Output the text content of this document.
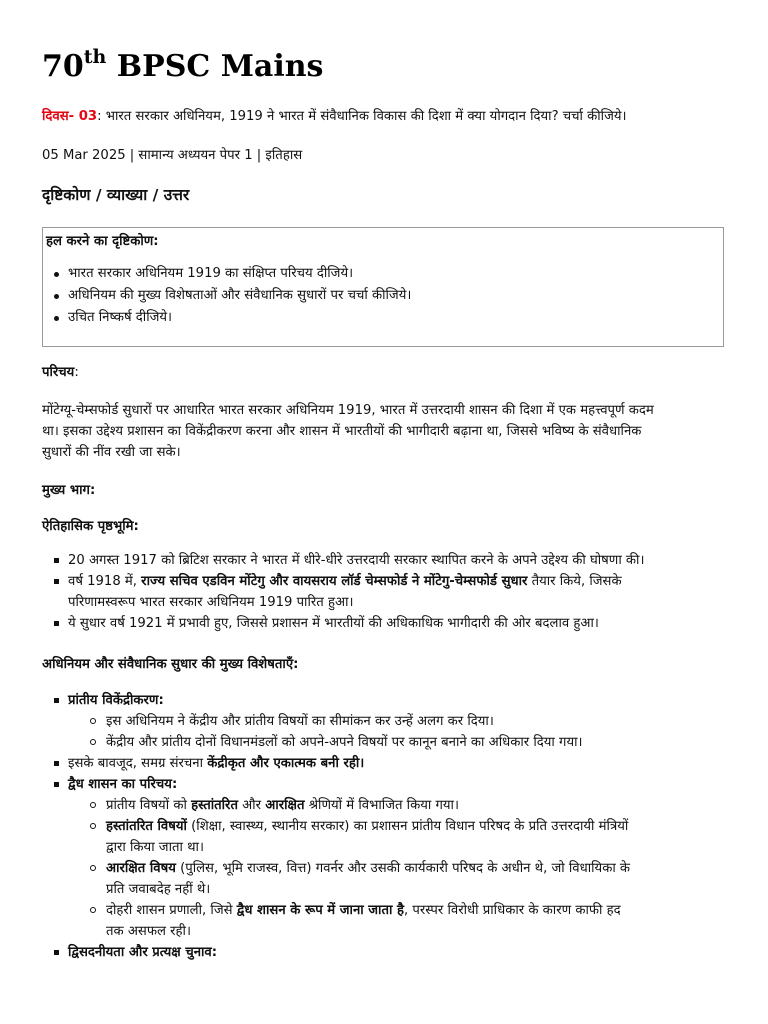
70th BPSC Mains

दिवस- 03: भारत सरकार अधिनियम, 1919 ने भारत में संवैधानिक विकास की दिशा में क्या योगदान दिया? चर्चा कीजिये।

05 Mar 2025 | सामान्य अध्ययन पेपर 1 | इतिहास

दृष्टिकोण / व्याख्या / उत्तर
हल करने का दृष्टिकोण:
भारत सरकार अधिनियम 1919 का संक्षिप्त परिचय दीजिये।
अधिनियम की मुख्य विशेषताओं और संवैधानिक सुधारों पर चर्चा कीजिये।
उचित निष्कर्ष दीजिये।

परिचय:

मोंटेग्यू-चेम्सफोर्ड सुधारों पर आधारित भारत सरकार अधिनियम 1919, भारत में उत्तरदायी शासन की दिशा में एक महत्त्वपूर्ण कदम
था। इसका उद्देश्य प्रशासन का विकेंद्रीकरण करना और शासन में भारतीयों की भागीदारी बढ़ाना था, जिससे भविष्य के संवैधानिक
सुधारों की नींव रखी जा सके।

मुख्य भाग:

ऐतिहासिक पृष्ठभूमि:

20 अगस्त 1917 को ब्रिटिश सरकार ने भारत में धीरे-धीरे उत्तरदायी सरकार स्थापित करने के अपने उद्देश्य की घोषणा की।
वर्ष 1918 में, राज्य सचिव एडविन मोंटेगु और वायसराय लॉर्ड चेम्सफोर्ड ने मोंटेगु-चेम्सफोर्ड सुधार तैयार किये, जिसके
परिणामस्वरूप भारत सरकार अधिनियम 1919 पारित हुआ।
ये सुधार वर्ष 1921 में प्रभावी हुए, जिससे प्रशासन में भारतीयों की अधिकाधिक भागीदारी की ओर बदलाव हुआ।

अधिनियम और संवैधानिक सुधार की मुख्य विशेषताएँ:

प्रांतीय विकेंद्रीकरण:
इस अधिनियम ने केंद्रीय और प्रांतीय विषयों का सीमांकन कर उन्हें अलग कर दिया।
केंद्रीय और प्रांतीय दोनों विधानमंडलों को अपने-अपने विषयों पर कानून बनाने का अधिकार दिया गया।
इसके बावजूद, समग्र संरचना केंद्रीकृत और एकात्मक बनी रही।
द्वैध शासन का परिचय:
प्रांतीय विषयों को हस्तांतरित और आरक्षित श्रेणियों में विभाजित किया गया।
हस्तांतरित विषयों (शिक्षा, स्वास्थ्य, स्थानीय सरकार) का प्रशासन प्रांतीय विधान परिषद के प्रति उत्तरदायी मंत्रियों
द्वारा किया जाता था।
आरक्षित विषय (पुलिस, भूमि राजस्व, वित्त) गवर्नर और उसकी कार्यकारी परिषद के अधीन थे, जो विधायिका के
प्रति जवाबदेह नहीं थे।
दोहरी शासन प्रणाली, जिसे द्वैध शासन के रूप में जाना जाता है, परस्पर विरोधी प्राधिकार के कारण काफी हद
तक असफल रही।
द्विसदनीयता और प्रत्यक्ष चुनाव:
